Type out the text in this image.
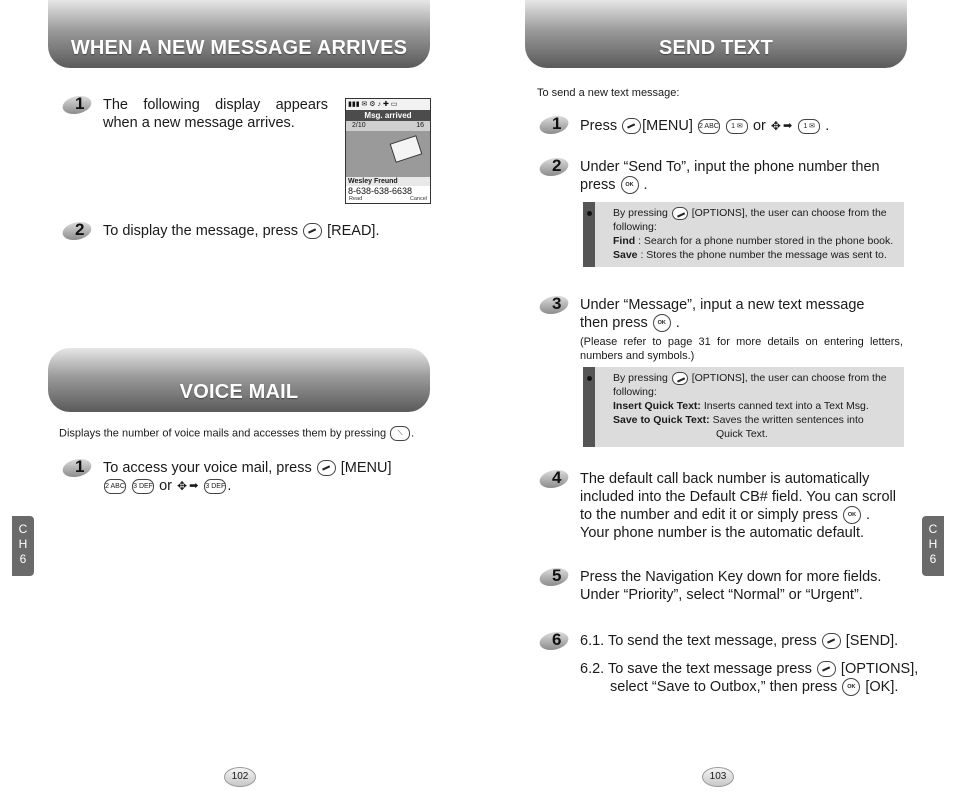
WHEN A NEW MESSAGE ARRIVES
1 The following display appears when a new message arrives.
▮▮▮ ✉ ⚙ ♪ ✚ ▭
Msg. arrived
2/10	16
Wesley Freund
8-638-638-6638
Read	Cancel
2 To display the message, press [READ].
VOICE MAIL
Displays the number of voice mails and accesses them by pressing ⟍ .
1 To access your voice mail, press [MENU]
2 ABC 3 DEF or ✥ ➡ 3 DEF .
C
H
6
102
SEND TEXT
To send a new text message:
1 Press [MENU] 2 ABC 1 ✉ or ✥ ➡ 1 ✉ .
2 Under “Send To”, input the phone number then
press OK .
By pressing [OPTIONS], the user can choose from the
following:
Find : Search for a phone number stored in the phone book.
Save : Stores the phone number the message was sent to.
3 Under “Message”, input a new text message
then press OK .
(Please refer to page 31 for more details on entering letters, numbers and symbols.)
By pressing [OPTIONS], the user can choose from the
following:
Insert Quick Text: Inserts canned text into a Text Msg.
Save to Quick Text: Saves the written sentences into
Quick Text.
4 The default call back number is automatically
included into the Default CB# field. You can scroll
to the number and edit it or simply press OK .
Your phone number is the automatic default.
5 Press the Navigation Key down for more fields.
Under “Priority”, select “Normal” or “Urgent”.
6 6.1. To send the text message, press [SEND].
6.2. To save the text message press [OPTIONS],
select “Save to Outbox,” then press OK [OK].
C
H
6
103
